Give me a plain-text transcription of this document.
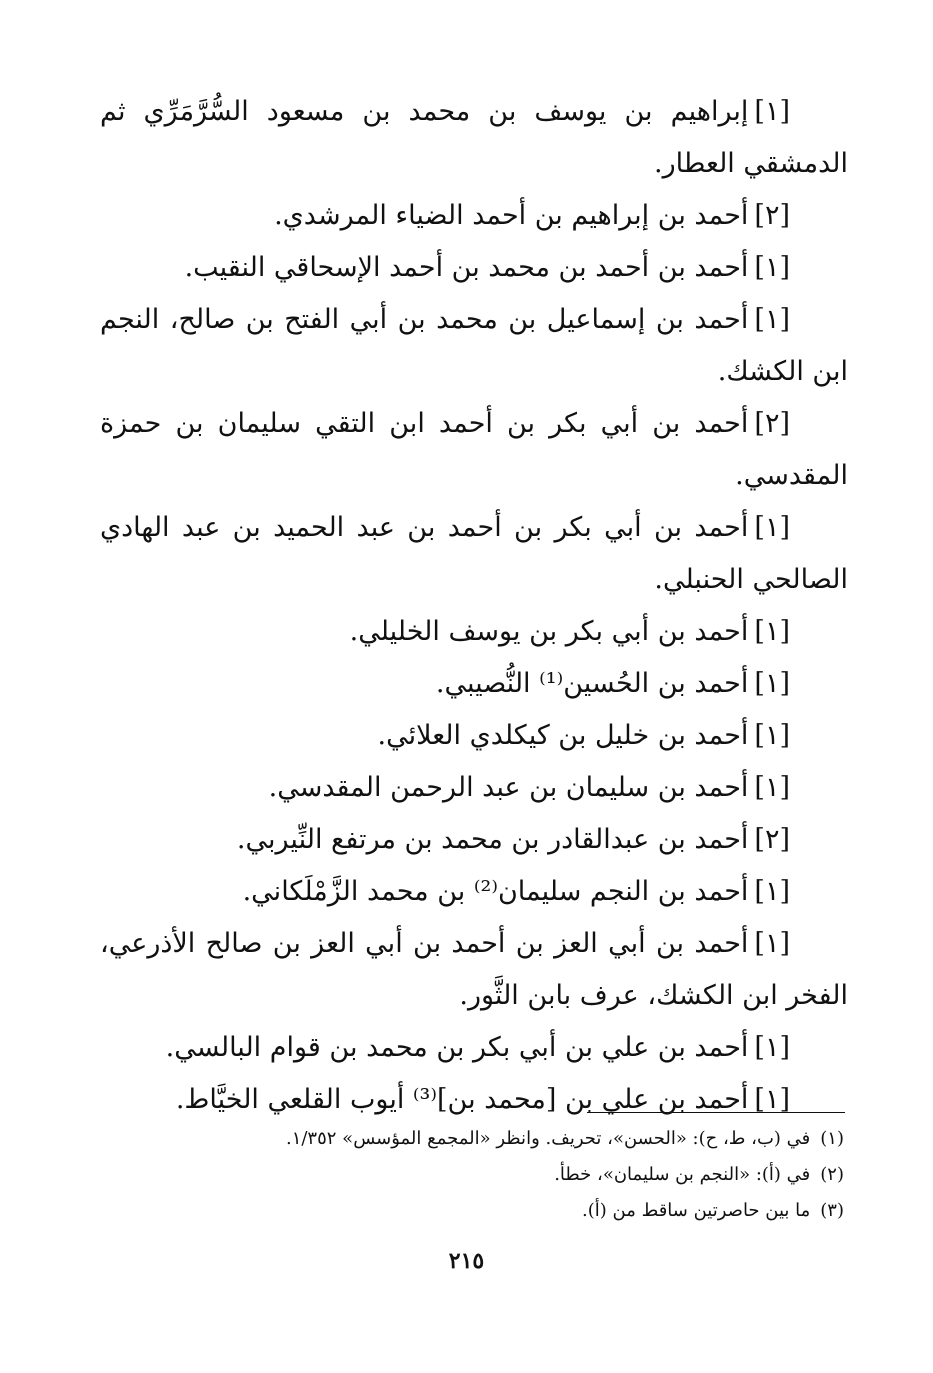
[١]إبراهيم بن يوسف بن محمد بن مسعود السُّرَّمَرِّي ثم الدمشقي العطار.

[٢]أحمد بن إبراهيم بن أحمد الضياء المرشدي.

[١]أحمد بن أحمد بن محمد بن أحمد الإسحاقي النقيب.

[١]أحمد بن إسماعيل بن محمد بن أبي الفتح بن صالح، النجم ابن الكشك.

[٢]أحمد بن أبي بكر بن أحمد ابن التقي سليمان بن حمزة المقدسي.

[١]أحمد بن أبي بكر بن أحمد بن عبد الحميد بن عبد الهادي الصالحي الحنبلي.

[١]أحمد بن أبي بكر بن يوسف الخليلي.

[١]أحمد بن الحُسين⁽¹⁾ النُّصيبي.

[١]أحمد بن خليل بن كيكلدي العلائي.

[١]أحمد بن سليمان بن عبد الرحمن المقدسي.

[٢]أحمد بن عبدالقادر بن محمد بن مرتفع النِّيربي.

[١]أحمد بن النجم سليمان⁽²⁾ بن محمد الزَّمْلَكاني.

[١]أحمد بن أبي العز بن أحمد بن أبي العز بن صالح الأذرعي، الفخر ابن الكشك، عرف بابن الثَّور.

[١]أحمد بن علي بن أبي بكر بن محمد بن قوام البالسي.

[١]أحمد بن علي بن [محمد بن]⁽³⁾ أيوب القلعي الخيَّاط.

(١)في (ب، ط، ح): «الحسن»، تحريف. وانظر «المجمع المؤسس» ١/٣٥٢.

(٢)في (أ): «النجم بن سليمان»، خطأ.

(٣)ما بين حاصرتين ساقط من (أ).

٢١٥
